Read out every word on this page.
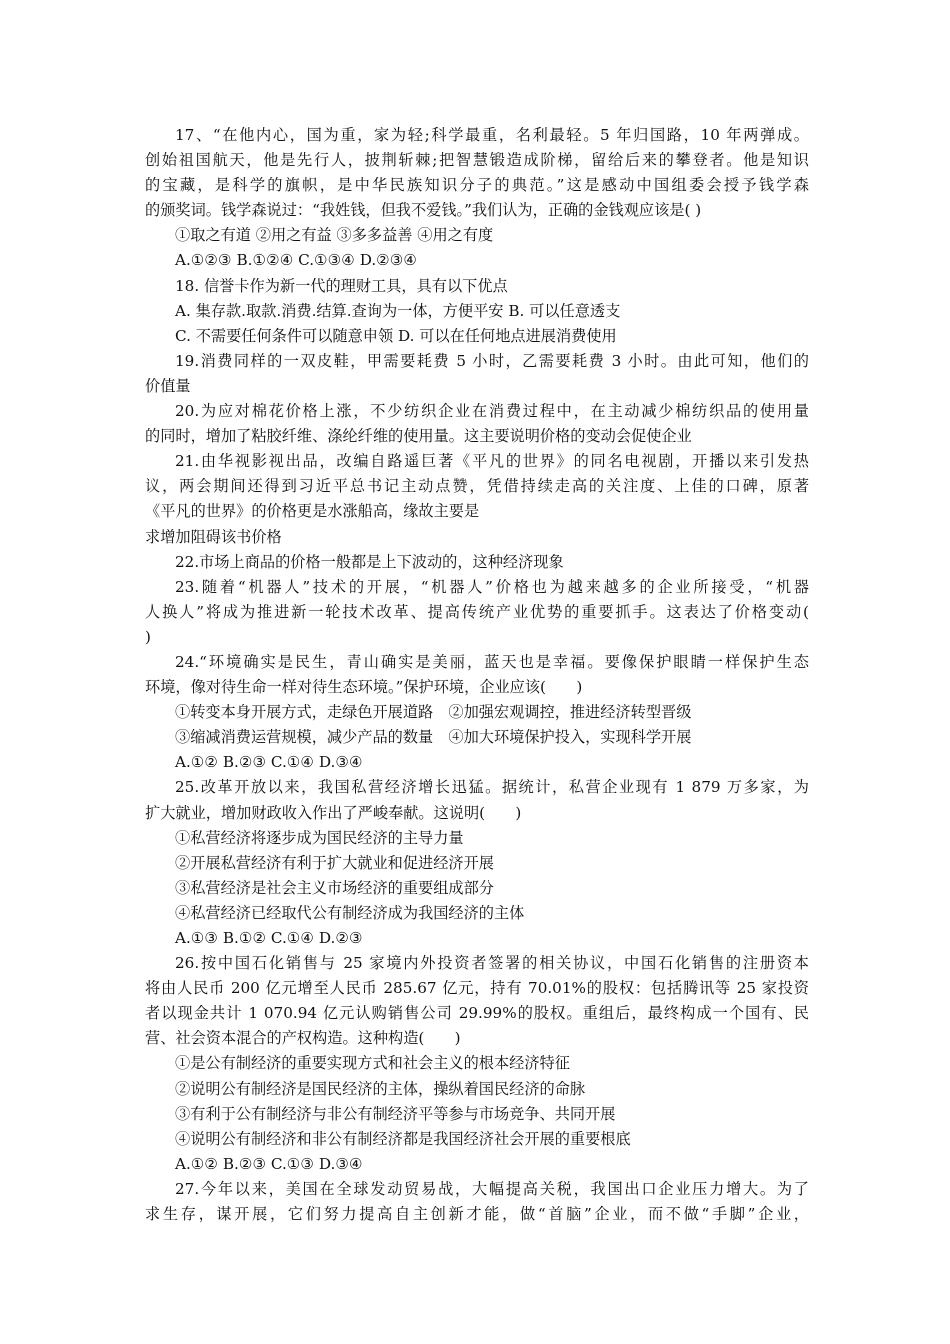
17、“在他内心，国为重，家为轻;科学最重，名利最轻。5 年归国路，10 年两弹成。
创始祖国航天，他是先行人，披荆斩棘;把智慧锻造成阶梯，留给后来的攀登者。他是知识
的宝藏，是科学的旗帜，是中华民族知识分子的典范。”这是感动中国组委会授予钱学森
的颁奖词。钱学森说过：“我姓钱，但我不爱钱。”我们认为，正确的金钱观应该是( )
①取之有道 ②用之有益 ③多多益善 ④用之有度
A.①②③ B.①②④ C.①③④ D.②③④
18. 信誉卡作为新一代的理财工具，具有以下优点
A. 集存款.取款.消费.结算.查询为一体，方便平安 B. 可以任意透支
C. 不需要任何条件可以随意申领 D. 可以在任何地点进展消费使用
19.消费同样的一双皮鞋，甲需要耗费 5 小时，乙需要耗费 3 小时。由此可知，他们的
价值量
20.为应对棉花价格上涨，不少纺织企业在消费过程中，在主动减少棉纺织品的使用量
的同时，增加了粘胶纤维、涤纶纤维的使用量。这主要说明价格的变动会促使企业
21.由华视影视出品，改编自路遥巨著《平凡的世界》的同名电视剧，开播以来引发热
议，两会期间还得到习近平总书记主动点赞，凭借持续走高的关注度、上佳的口碑，原著
《平凡的世界》的价格更是水涨船高，缘故主要是
求增加阻碍该书价格
22.市场上商品的价格一般都是上下波动的，这种经济现象
23.随着“机器人”技术的开展，“机器人”价格也为越来越多的企业所接受，“机器
人换人”将成为推进新一轮技术改革、提高传统产业优势的重要抓手。这表达了价格变动(
)
24.“环境确实是民生，青山确实是美丽，蓝天也是幸福。要像保护眼睛一样保护生态
环境，像对待生命一样对待生态环境。”保护环境，企业应该(　　)
①转变本身开展方式，走绿色开展道路　②加强宏观调控，推进经济转型晋级
③缩减消费运营规模，减少产品的数量　④加大环境保护投入，实现科学开展
A.①② B.②③ C.①④ D.③④
25.改革开放以来，我国私营经济增长迅猛。据统计，私营企业现有 1 879 万多家，为
扩大就业，增加财政收入作出了严峻奉献。这说明(　　)
①私营经济将逐步成为国民经济的主导力量
②开展私营经济有利于扩大就业和促进经济开展
③私营经济是社会主义市场经济的重要组成部分
④私营经济已经取代公有制经济成为我国经济的主体
A.①③ B.①② C.①④ D.②③
26.按中国石化销售与 25 家境内外投资者签署的相关协议，中国石化销售的注册资本
将由人民币 200 亿元增至人民币 285.67 亿元，持有 70.01%的股权：包括腾讯等 25 家投资
者以现金共计 1 070.94 亿元认购销售公司 29.99%的股权。重组后，最终构成一个国有、民
营、社会资本混合的产权构造。这种构造(　　)
①是公有制经济的重要实现方式和社会主义的根本经济特征
②说明公有制经济是国民经济的主体，操纵着国民经济的命脉
③有利于公有制经济与非公有制经济平等参与市场竞争、共同开展
④说明公有制经济和非公有制经济都是我国经济社会开展的重要根底
A.①② B.②③ C.①③ D.③④
27.今年以来，美国在全球发动贸易战，大幅提高关税，我国出口企业压力增大。为了
求生存，谋开展，它们努力提高自主创新才能，做“首脑”企业，而不做“手脚”企业，
